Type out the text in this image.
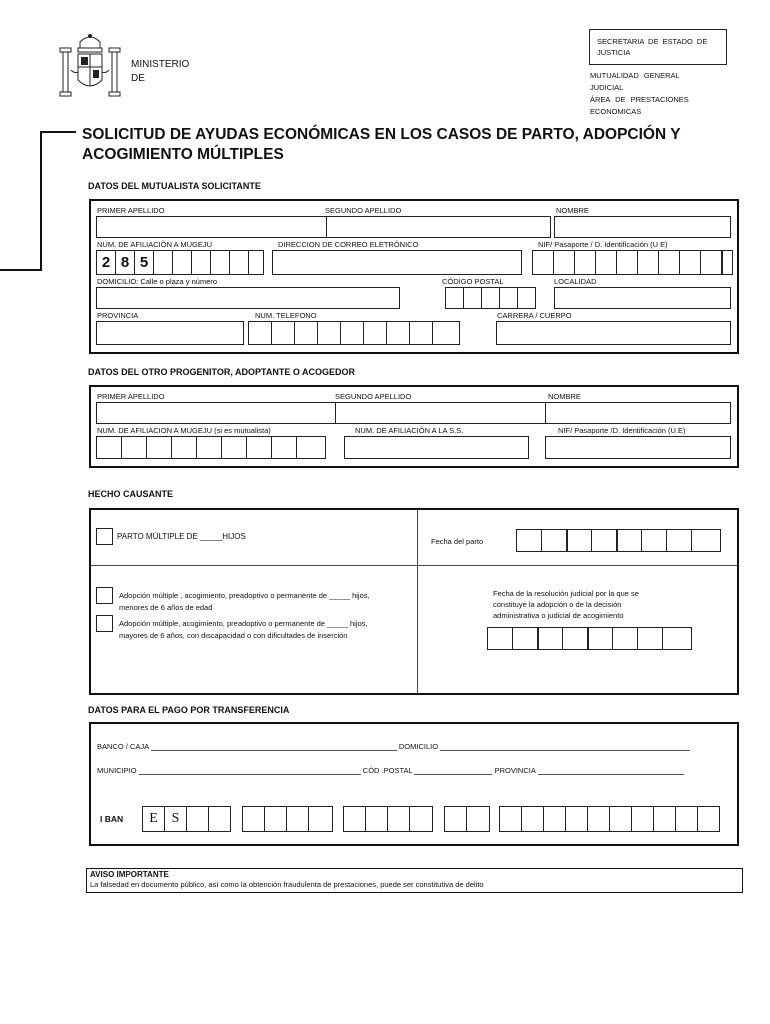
MINISTERIO
DE
SECRETARIA DE ESTADO DE JUSTICIA
MUTUALIDAD GENERAL
JUDICIAL
ÁREA DE PRESTACIONES
ECONOMICAS
SOLICITUD DE AYUDAS ECONÓMICAS EN LOS CASOS DE PARTO, ADOPCIÓN Y
ACOGIMIENTO MÚLTIPLES
DATOS DEL MUTUALISTA SOLICITANTE
PRIMER APELLIDO	SEGUNDO APELLIDO	NOMBRE
NUM. DE AFILIACIÓN A MUGEJU	DIRECCION DE CORREO ELETRÓNICO	NIF/ Pasaporte / D. Identificación (U E)
2 8 5
DOMICILIO: Calle o plaza y número	CÓDIGO POSTAL	LOCALIDAD
PROVINCIA	NUM. TELEFONO	CARRERA / CUERPO
DATOS DEL OTRO PROGENITOR, ADOPTANTE O ACOGEDOR
PRIMER APELLIDO	SEGUNDO APELLIDO	NOMBRE
NUM. DE AFILIACION A MUGEJU (si es mutualista)	NUM. DE AFILIACIÓN A LA S.S.	NIF/ Pasaporte /D. Identificación (U.E)
HECHO CAUSANTE
PARTO MÚLTIPLE DE _____HIJOS
Fecha del parto
Adopción múltiple , acogimiento, preadoptivo o permanente de _____ hijos,
menores de 6 años de edad
Adopción múltiple, acogimiento, preadoptivo o permanente de _____ hijos,
mayores de 6 años, con discapacidad o con dificultades de inserción
Fecha de la resolución judicial por la que se
constituye la adopción o de la decisión
administrativa o judicial de acogimiento
DATOS PARA EL PAGO POR TRANSFERENCIA
BANCO / CAJA	DOMICILIO
MUNICIPIO	CÓD .POSTAL	PROVINCIA
I BAN	E S
AVISO IMPORTANTE
La falsedad en documento público, así como la obtención fraudulenta de prestaciones, puede ser constitutiva de delito
